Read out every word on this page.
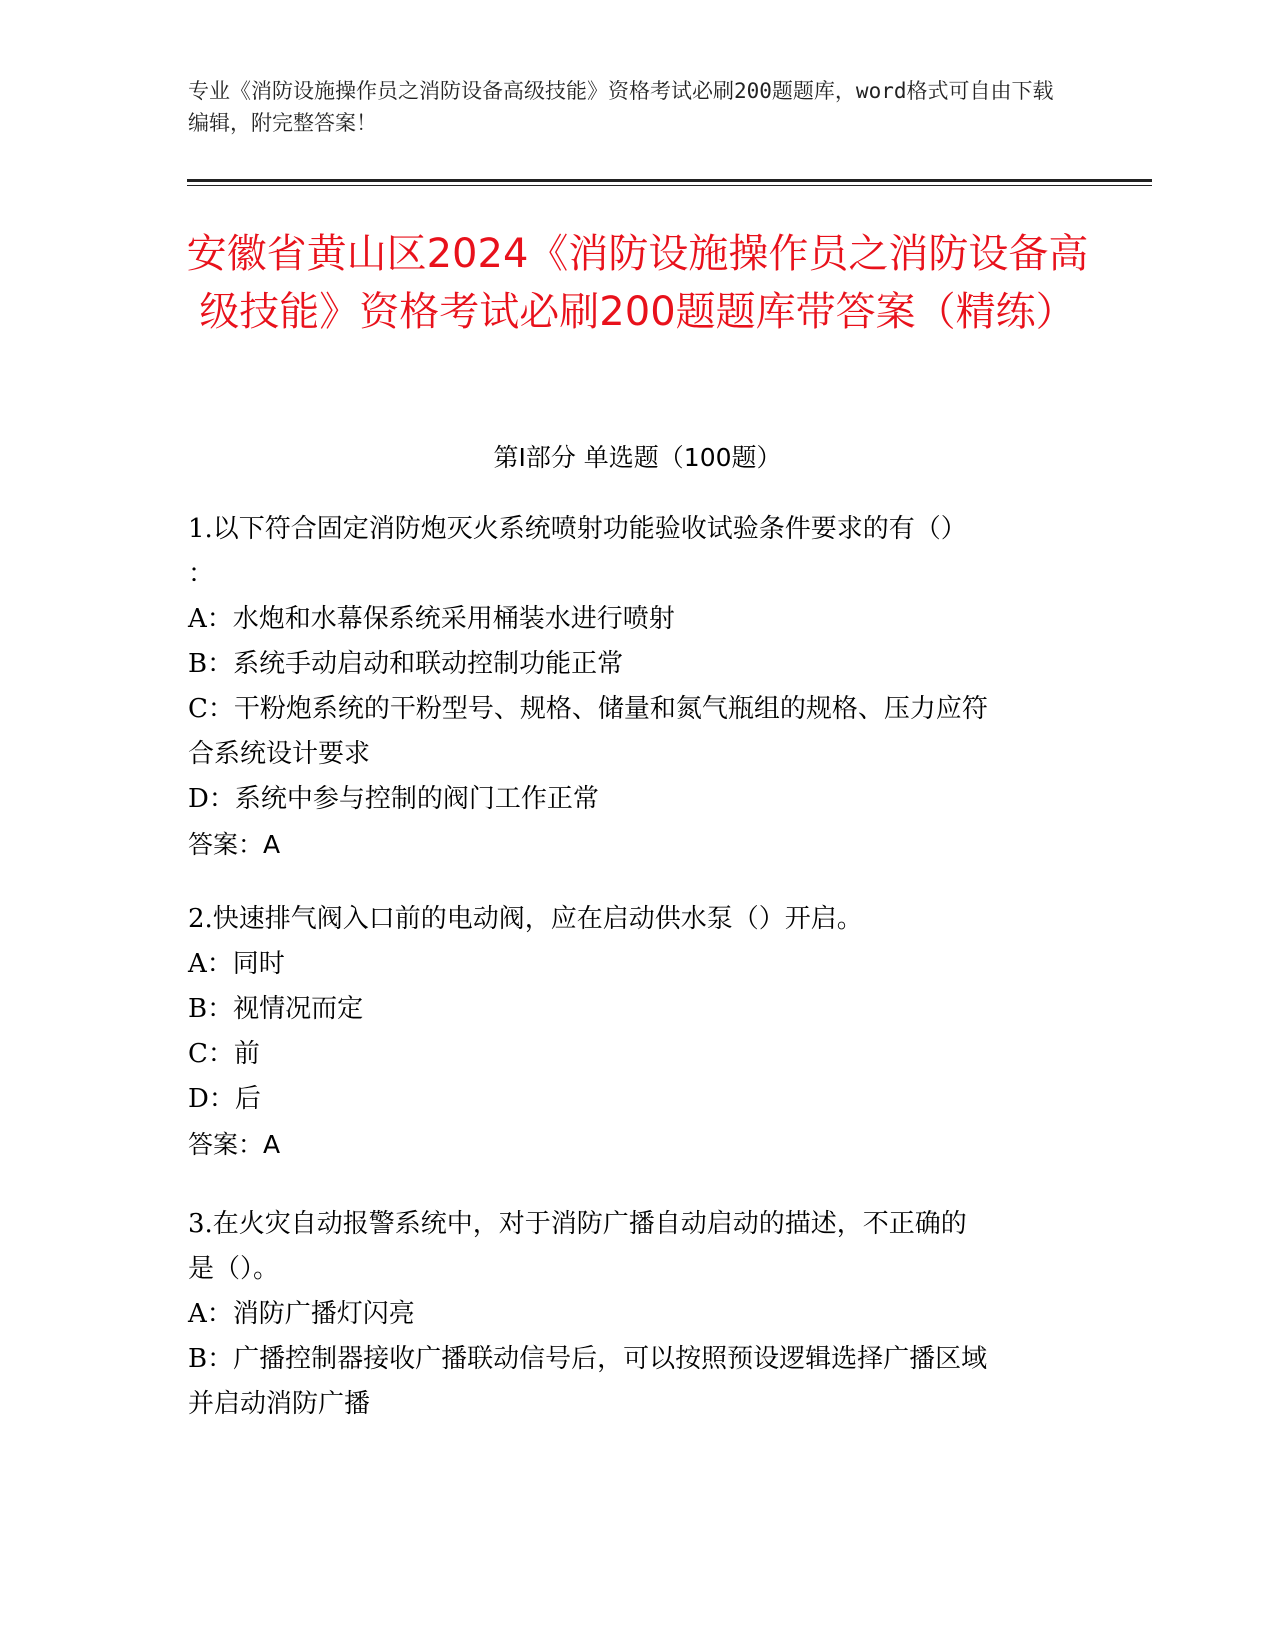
专业《消防设施操作员之消防设备高级技能》资格考试必刷200题题库，word格式可自由下载编辑，附完整答案！
安徽省黄山区2024《消防设施操作员之消防设备高级技能》资格考试必刷200题题库带答案（精练）
第I部分 单选题（100题）
1.以下符合固定消防炮灭火系统喷射功能验收试验条件要求的有（）
：
A：水炮和水幕保系统采用桶装水进行喷射
B：系统手动启动和联动控制功能正常
C：干粉炮系统的干粉型号、规格、储量和氮气瓶组的规格、压力应符
合系统设计要求
D：系统中参与控制的阀门工作正常
答案：A
2.快速排气阀入口前的电动阀，应在启动供水泵（）开启。
A：同时
B：视情况而定
C：前
D：后
答案：A
3.在火灾自动报警系统中，对于消防广播自动启动的描述，不正确的
是（）。
A：消防广播灯闪亮
B：广播控制器接收广播联动信号后，可以按照预设逻辑选择广播区域
并启动消防广播
